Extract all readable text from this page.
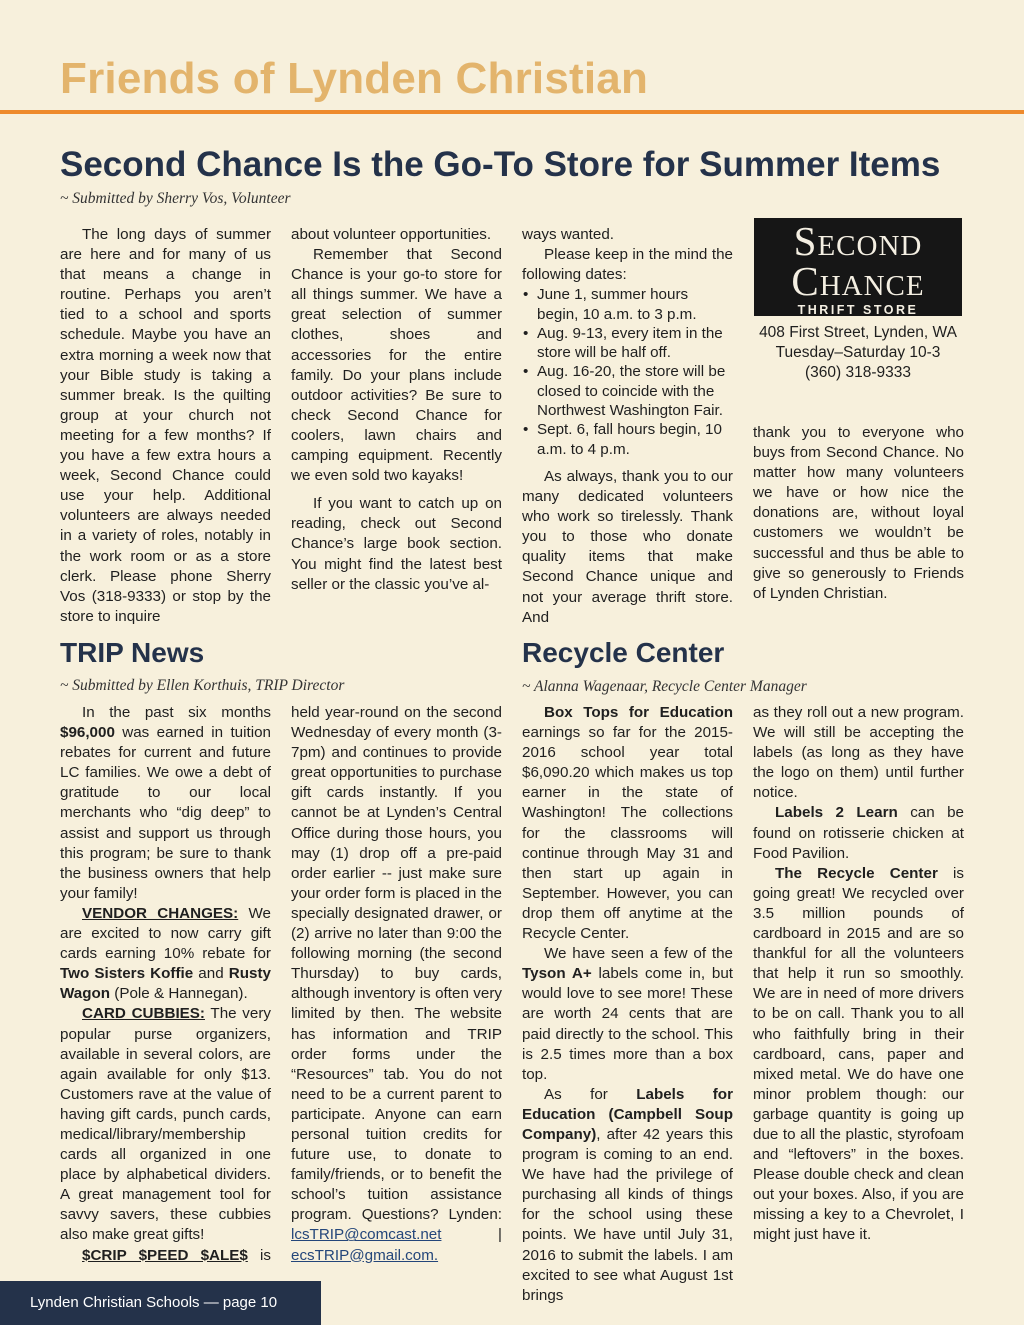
Friends of Lynden Christian
Second Chance Is the Go-To Store for Summer Items
~ Submitted by Sherry Vos, Volunteer

The long days of summer are here and for many of us that means a change in routine. Perhaps you aren’t tied to a school and sports schedule. Maybe you have an extra morning a week now that your Bible study is taking a summer break. Is the quilting group at your church not meeting for a few months? If you have a few extra hours a week, Second Chance could use your help. Additional volunteers are always needed in a variety of roles, notably in the work room or as a store clerk. Please phone Sherry Vos (318-9333) or stop by the store to inquire

about volunteer opportunities.

Remember that Second Chance is your go-to store for all things summer. We have a great selection of summer clothes, shoes and accessories for the entire family. Do your plans include outdoor activities? Be sure to check Second Chance for coolers, lawn chairs and camping equipment. Recently we even sold two kayaks!

If you want to catch up on reading, check out Second Chance’s large book section. You might find the latest best seller or the classic you’ve al-

ways wanted.

Please keep in the mind the following dates:

• June 1, summer hours begin, 10 a.m. to 3 p.m.
• Aug. 9-13, every item in the store will be half off.
• Aug. 16-20, the store will be closed to coincide with the Northwest Washington Fair.
• Sept. 6, fall hours begin, 10 a.m. to 4 p.m.

As always, thank you to our many dedicated volunteers who work so tirelessly. Thank you to those who donate quality items that make Second Chance unique and not your average thrift store. And

Second
Chance
THRIFT STORE
408 First Street, Lynden, WA
Tuesday–Saturday 10-3
(360) 318-9333

thank you to everyone who buys from Second Chance. No matter how many volunteers we have or how nice the donations are, without loyal customers we wouldn’t be successful and thus be able to give so generously to Friends of Lynden Christian.

TRIP News
~ Submitted by Ellen Korthuis, TRIP Director

In the past six months $96,000 was earned in tuition rebates for current and future LC families. We owe a debt of gratitude to our local merchants who “dig deep” to assist and support us through this program; be sure to thank the business owners that help your family!

VENDOR CHANGES: We are excited to now carry gift cards earning 10% rebate for Two Sisters Koffie and Rusty Wagon (Pole & Hannegan).

CARD CUBBIES: The very popular purse organizers, available in several colors, are again available for only $13. Customers rave at the value of having gift cards, punch cards, medical/library/membership cards all organized in one place by alphabetical dividers. A great management tool for savvy savers, these cubbies also make great gifts!

$CRIP $PEED $ALE$ is

held year-round on the second Wednesday of every month (3-7pm) and continues to provide great opportunities to purchase gift cards instantly. If you cannot be at Lynden’s Central Office during those hours, you may (1) drop off a pre-paid order earlier -- just make sure your order form is placed in the specially designated drawer, or (2) arrive no later than 9:00 the following morning (the second Thursday) to buy cards, although inventory is often very limited by then. The website has information and TRIP order forms under the “Resources” tab. You do not need to be a current parent to participate. Anyone can earn personal tuition credits for future use, to donate to family/friends, or to benefit the school’s tuition assistance program. Questions? Lynden: lcsTRIP@comcast.net	| ecsTRIP@gmail.com.

Recycle Center
~ Alanna Wagenaar, Recycle Center Manager

Box Tops for Education earnings so far for the 2015-2016 school year total $6,090.20 which makes us top earner in the state of Washington! The collections for the classrooms will continue through May 31 and then start up again in September. However, you can drop them off anytime at the Recycle Center.

We have seen a few of the Tyson A+ labels come in, but would love to see more! These are worth 24 cents that are paid directly to the school. This is 2.5 times more than a box top.

As for Labels for Education (Campbell Soup Company), after 42 years this program is coming to an end. We have had the privilege of purchasing all kinds of things for the school using these points. We have until July 31, 2016 to submit the labels. I am excited to see what August 1st brings

as they roll out a new program. We will still be accepting the labels (as long as they have the logo on them) until further notice.

Labels 2 Learn can be found on rotisserie chicken at Food Pavilion.

The Recycle Center is going great! We recycled over 3.5 million pounds of cardboard in 2015 and are so thankful for all the volunteers that help it run so smoothly. We are in need of more drivers to be on call. Thank you to all who faithfully bring in their cardboard, cans, paper and mixed metal. We do have one minor problem though: our garbage quantity is going up due to all the plastic, styrofoam and “leftovers” in the boxes. Please double check and clean out your boxes. Also, if you are missing a key to a Chevrolet, I might just have it.

Lynden Christian Schools — page 10
